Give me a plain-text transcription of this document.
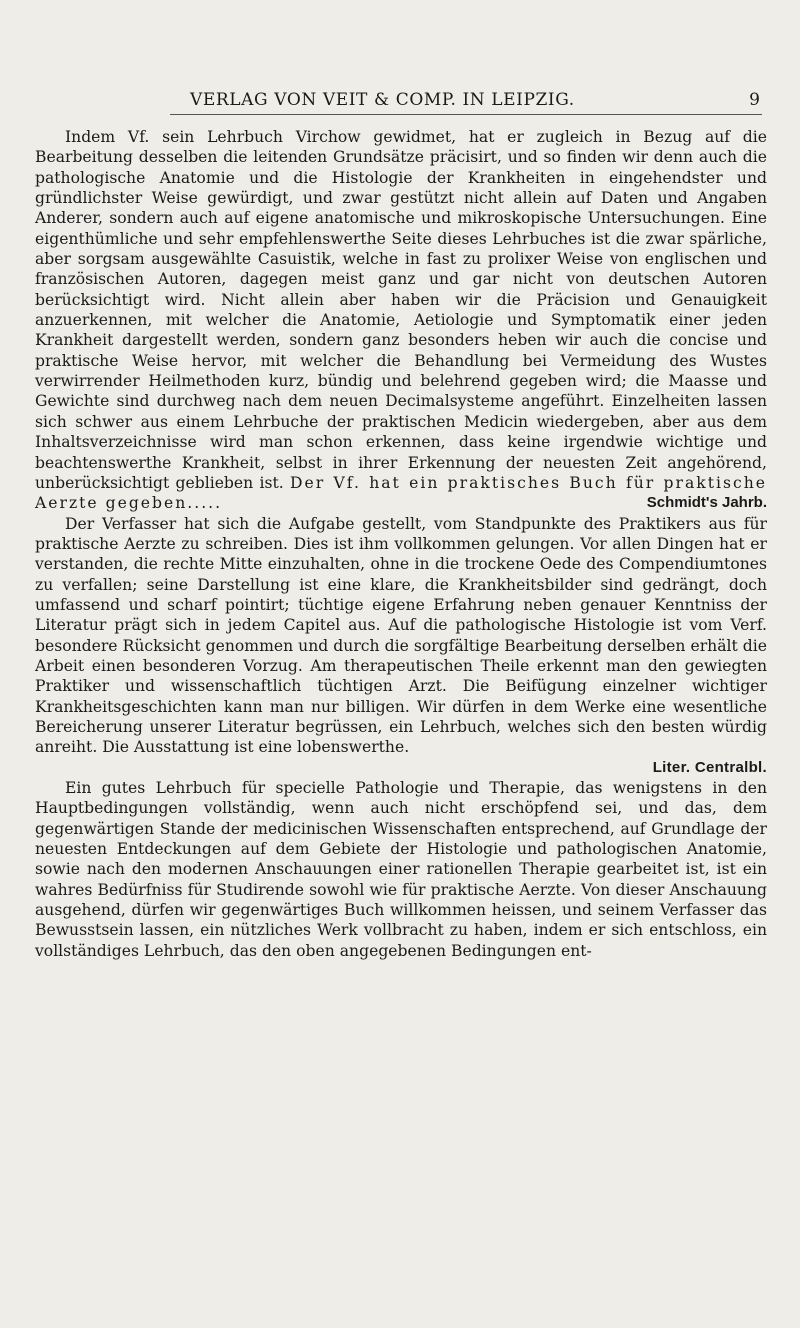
VERLAG VON VEIT & COMP. IN LEIPZIG.	9

Indem Vf. sein Lehrbuch Virchow gewidmet, hat er zugleich in Bezug auf die Bearbeitung desselben die leitenden Grundsätze präcisirt, und so finden wir denn auch die pathologische Anatomie und die Histologie der Krankheiten in eingehendster und gründlichster Weise gewürdigt, und zwar gestützt nicht allein auf Daten und Angaben Anderer, sondern auch auf eigene anatomische und mikroskopische Untersuchungen. Eine eigenthümliche und sehr empfehlenswerthe Seite dieses Lehrbuches ist die zwar spärliche, aber sorgsam ausgewählte Casuistik, welche in fast zu prolixer Weise von englischen und französischen Autoren, dagegen meist ganz und gar nicht von deutschen Autoren berücksichtigt wird. Nicht allein aber haben wir die Präcision und Genauigkeit anzuerkennen, mit welcher die Anatomie, Aetiologie und Symptomatik einer jeden Krankheit dargestellt werden, sondern ganz besonders heben wir auch die concise und praktische Weise hervor, mit welcher die Behandlung bei Vermeidung des Wustes verwirrender Heilmethoden kurz, bündig und belehrend gegeben wird; die Maasse und Gewichte sind durchweg nach dem neuen Decimalsysteme angeführt. Einzelheiten lassen sich schwer aus einem Lehrbuche der praktischen Medicin wiedergeben, aber aus dem Inhaltsverzeichnisse wird man schon erkennen, dass keine irgendwie wichtige und beachtenswerthe Krankheit, selbst in ihrer Erkennung der neuesten Zeit angehörend, unberücksichtigt geblieben ist. Der Vf. hat ein praktisches Buch für praktische Aerzte gegeben.....	Schmidt's Jahrb.

Der Verfasser hat sich die Aufgabe gestellt, vom Standpunkte des Praktikers aus für praktische Aerzte zu schreiben. Dies ist ihm vollkommen gelungen. Vor allen Dingen hat er verstanden, die rechte Mitte einzuhalten, ohne in die trockene Oede des Compendiumtones zu verfallen; seine Darstellung ist eine klare, die Krankheitsbilder sind gedrängt, doch umfassend und scharf pointirt; tüchtige eigene Erfahrung neben genauer Kenntniss der Literatur prägt sich in jedem Capitel aus. Auf die pathologische Histologie ist vom Verf. besondere Rücksicht genommen und durch die sorgfältige Bearbeitung derselben erhält die Arbeit einen besonderen Vorzug. Am therapeutischen Theile erkennt man den gewiegten Praktiker und wissenschaftlich tüchtigen Arzt. Die Beifügung einzelner wichtiger Krankheitsgeschichten kann man nur billigen. Wir dürfen in dem Werke eine wesentliche Bereicherung unserer Literatur begrüssen, ein Lehrbuch, welches sich den besten würdig anreiht. Die Ausstattung ist eine lobenswerthe.

Liter. Centralbl.

Ein gutes Lehrbuch für specielle Pathologie und Therapie, das wenigstens in den Hauptbedingungen vollständig, wenn auch nicht erschöpfend sei, und das, dem gegenwärtigen Stande der medicinischen Wissenschaften entsprechend, auf Grundlage der neuesten Entdeckungen auf dem Gebiete der Histologie und pathologischen Anatomie, sowie nach den modernen Anschauungen einer rationellen Therapie gearbeitet ist, ist ein wahres Bedürfniss für Studirende sowohl wie für praktische Aerzte. Von dieser Anschauung ausgehend, dürfen wir gegenwärtiges Buch willkommen heissen, und seinem Verfasser das Bewusstsein lassen, ein nützliches Werk vollbracht zu haben, indem er sich entschloss, ein vollständiges Lehrbuch, das den oben angegebenen Bedingungen ent-
